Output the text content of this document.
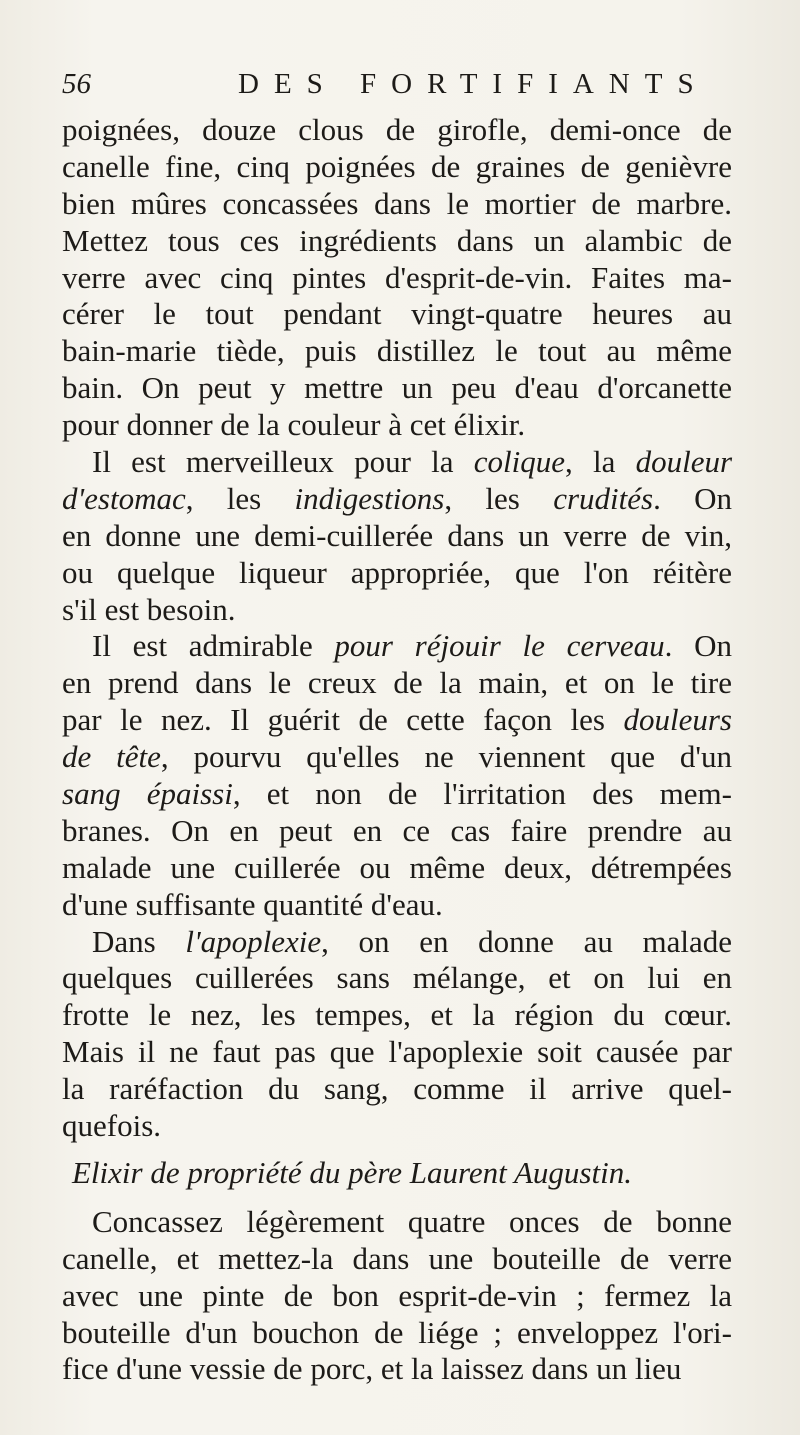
56	DES FORTIFIANTS
poignées, douze clous de girofle, demi-once de
canelle fine, cinq poignées de graines de genièvre
bien mûres concassées dans le mortier de marbre.
Mettez tous ces ingrédients dans un alambic de
verre avec cinq pintes d'esprit-de-vin. Faites ma-
cérer le tout pendant vingt-quatre heures au
bain-marie tiède, puis distillez le tout au même
bain. On peut y mettre un peu d'eau d'orcanette
pour donner de la couleur à cet élixir.
Il est merveilleux pour la colique, la douleur
d'estomac, les indigestions, les crudités. On
en donne une demi-cuillerée dans un verre de vin,
ou quelque liqueur appropriée, que l'on réitère
s'il est besoin.
Il est admirable pour réjouir le cerveau. On
en prend dans le creux de la main, et on le tire
par le nez. Il guérit de cette façon les douleurs
de tête, pourvu qu'elles ne viennent que d'un
sang épaissi, et non de l'irritation des mem-
branes. On en peut en ce cas faire prendre au
malade une cuillerée ou même deux, détrempées
d'une suffisante quantité d'eau.
Dans l'apoplexie, on en donne au malade
quelques cuillerées sans mélange, et on lui en
frotte le nez, les tempes, et la région du cœur.
Mais il ne faut pas que l'apoplexie soit causée par
la raréfaction du sang, comme il arrive quel-
quefois.
Elixir de propriété du père Laurent Augustin.
Concassez légèrement quatre onces de bonne
canelle, et mettez-la dans une bouteille de verre
avec une pinte de bon esprit-de-vin ; fermez la
bouteille d'un bouchon de liége ; enveloppez l'ori-
fice d'une vessie de porc, et la laissez dans un lieu
